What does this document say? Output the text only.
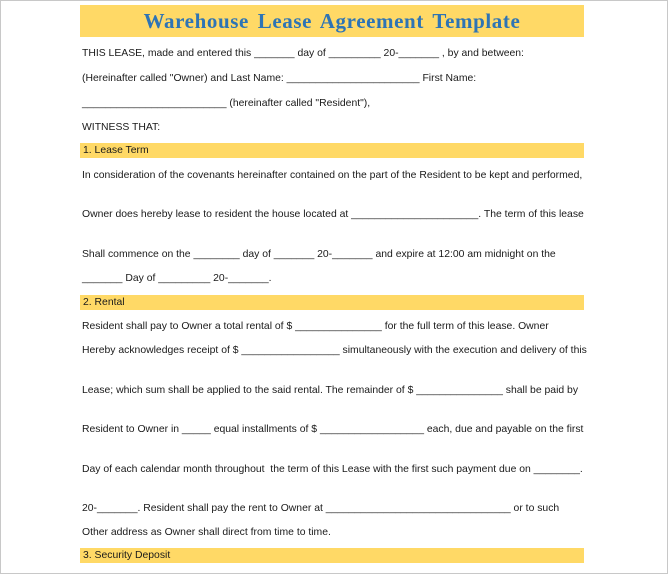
Warehouse Lease Agreement Template
THIS LEASE, made and entered this _______ day of _________ 20-_______ , by and between:
(Hereinafter called "Owner) and Last Name: _______________________ First Name:
_________________________ (hereinafter called "Resident"),
WITNESS THAT:
1. Lease Term
In consideration of the covenants hereinafter contained on the part of the Resident to be kept and performed,
Owner does hereby lease to resident the house located at ______________________. The term of this lease
Shall commence on the ________ day of _______ 20-_______ and expire at 12:00 am midnight on the
_______ Day of _________ 20-_______.
2. Rental
Resident shall pay to Owner a total rental of $ _______________ for the full term of this lease. Owner
Hereby acknowledges receipt of $ _________________ simultaneously with the execution and delivery of this
Lease; which sum shall be applied to the said rental. The remainder of $ _______________ shall be paid by
Resident to Owner in _____ equal installments of $ __________________ each, due and payable on the first
Day of each calendar month throughout  the term of this Lease with the first such payment due on ________.
20-_______. Resident shall pay the rent to Owner at ________________________________ or to such
Other address as Owner shall direct from time to time.
3. Security Deposit
